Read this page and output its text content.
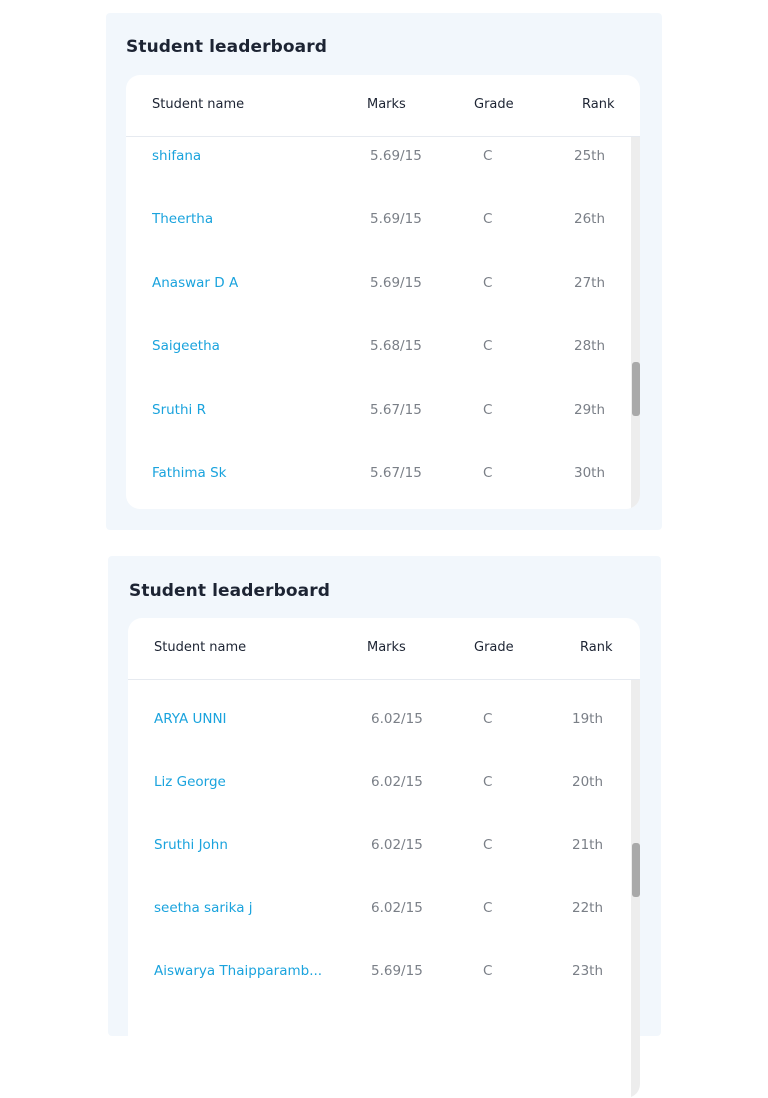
Student leaderboard
Student name	Marks	Grade	Rank
shifana	5.69/15	C	25th
Theertha	5.69/15	C	26th
Anaswar D A	5.69/15	C	27th
Saigeetha	5.68/15	C	28th
Sruthi R	5.67/15	C	29th
Fathima Sk	5.67/15	C	30th
Student leaderboard
Student name	Marks	Grade	Rank
ARYA UNNI	6.02/15	C	19th
Liz George	6.02/15	C	20th
Sruthi John	6.02/15	C	21th
seetha sarika j	6.02/15	C	22th
Aiswarya Thaipparamb...	5.69/15	C	23th
